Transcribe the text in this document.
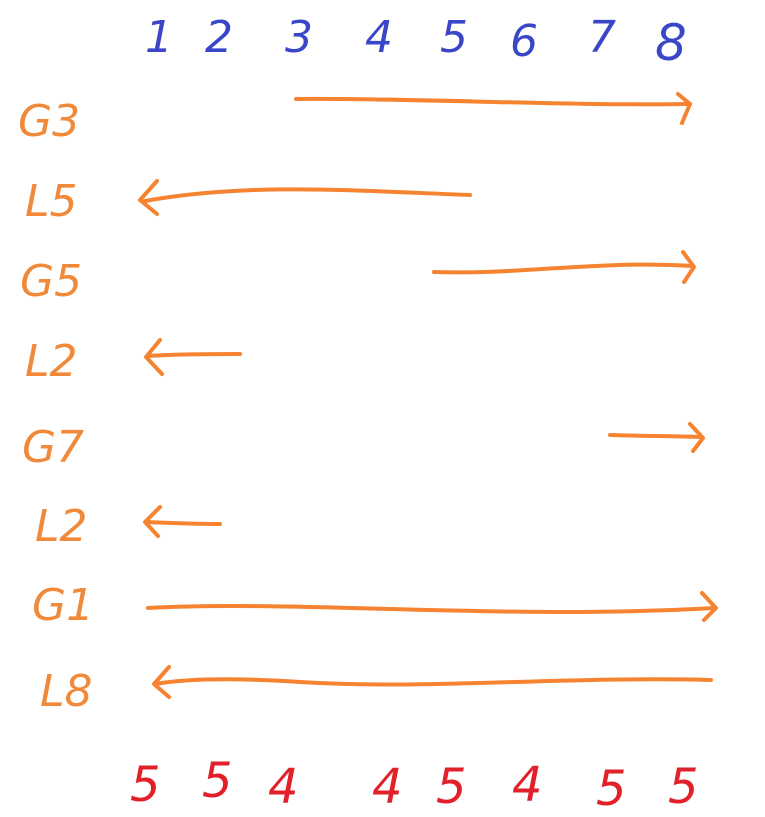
1 2 3 4 5 6 7 8
G3
L5
G5
L2
G7
L2
G1
L8
5 5 4 4 5 4 5 5
